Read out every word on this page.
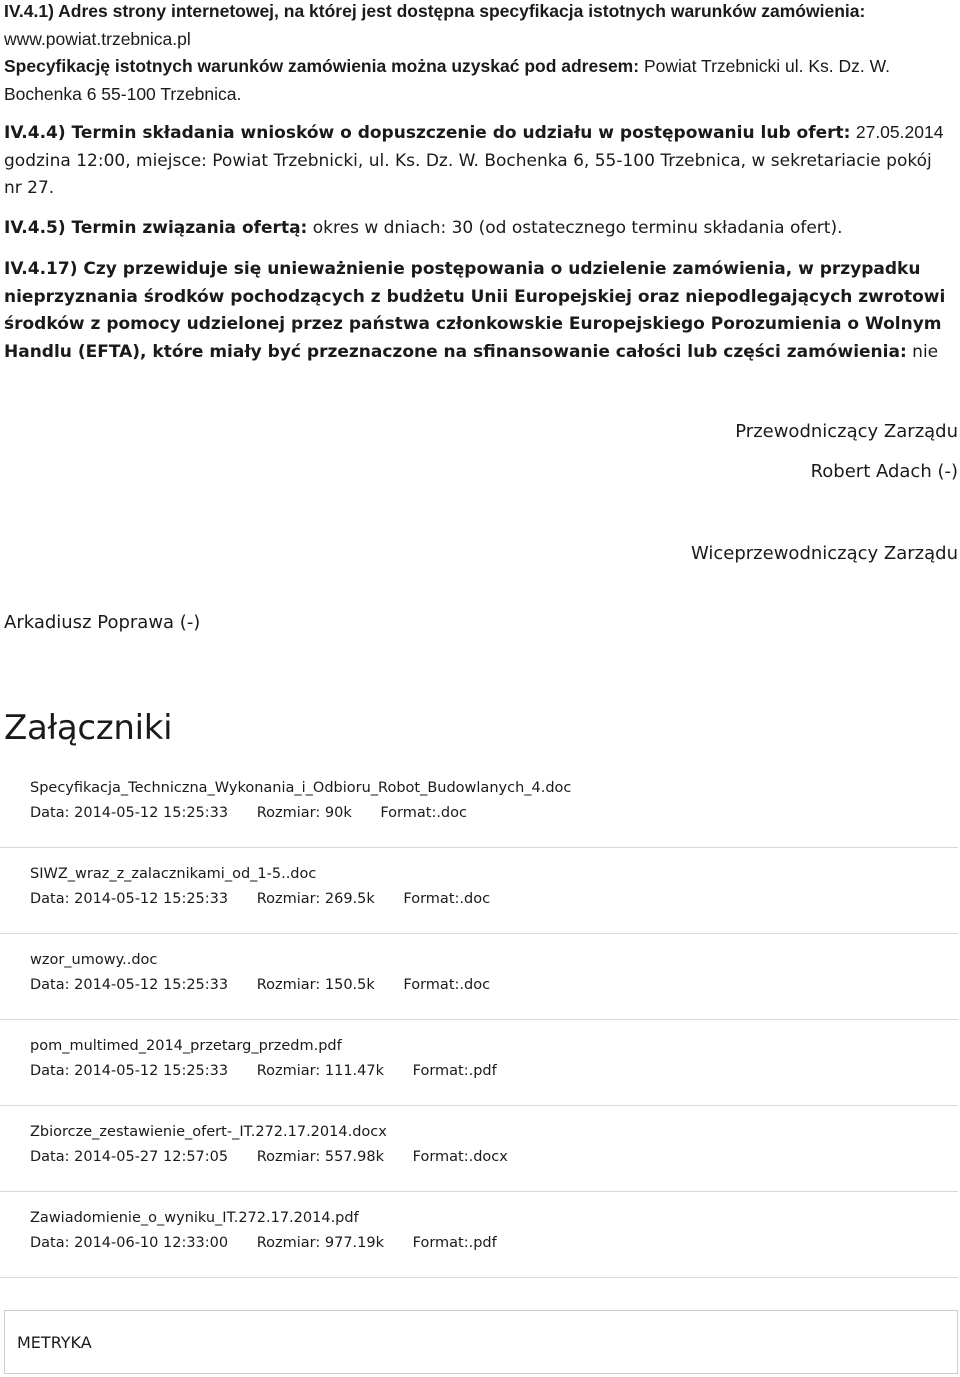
IV.4.1) Adres strony internetowej, na której jest dostępna specyfikacja istotnych warunków zamówienia: www.powiat.trzebnica.pl
Specyfikację istotnych warunków zamówienia można uzyskać pod adresem: Powiat Trzebnicki ul. Ks. Dz. W. Bochenka 6 55-100 Trzebnica.

IV.4.4) Termin składania wniosków o dopuszczenie do udziału w postępowaniu lub ofert: 27.05.2014 godzina 12:00, miejsce: Powiat Trzebnicki, ul. Ks. Dz. W. Bochenka 6, 55-100 Trzebnica, w sekretariacie pokój nr 27.

IV.4.5) Termin związania ofertą: okres w dniach: 30 (od ostatecznego terminu składania ofert).

IV.4.17) Czy przewiduje się unieważnienie postępowania o udzielenie zamówienia, w przypadku nieprzyznania środków pochodzących z budżetu Unii Europejskiej oraz niepodlegających zwrotowi środków z pomocy udzielonej przez państwa członkowskie Europejskiego Porozumienia o Wolnym Handlu (EFTA), które miały być przeznaczone na sfinansowanie całości lub części zamówienia: nie

Przewodniczący Zarządu
Robert Adach (-)
Wiceprzewodniczący Zarządu
Arkadiusz Poprawa (-)
Załączniki
Specyfikacja_Techniczna_Wykonania_i_Odbioru_Robot_Budowlanych_4.doc
Data: 2014-05-12 15:25:33 Rozmiar: 90k Format:.doc
SIWZ_wraz_z_zalacznikami_od_1-5..doc
Data: 2014-05-12 15:25:33 Rozmiar: 269.5k Format:.doc
wzor_umowy..doc
Data: 2014-05-12 15:25:33 Rozmiar: 150.5k Format:.doc
pom_multimed_2014_przetarg_przedm.pdf
Data: 2014-05-12 15:25:33 Rozmiar: 111.47k Format:.pdf
Zbiorcze_zestawienie_ofert-_IT.272.17.2014.docx
Data: 2014-05-27 12:57:05 Rozmiar: 557.98k Format:.docx
Zawiadomienie_o_wyniku_IT.272.17.2014.pdf
Data: 2014-06-10 12:33:00 Rozmiar: 977.19k Format:.pdf
METRYKA
